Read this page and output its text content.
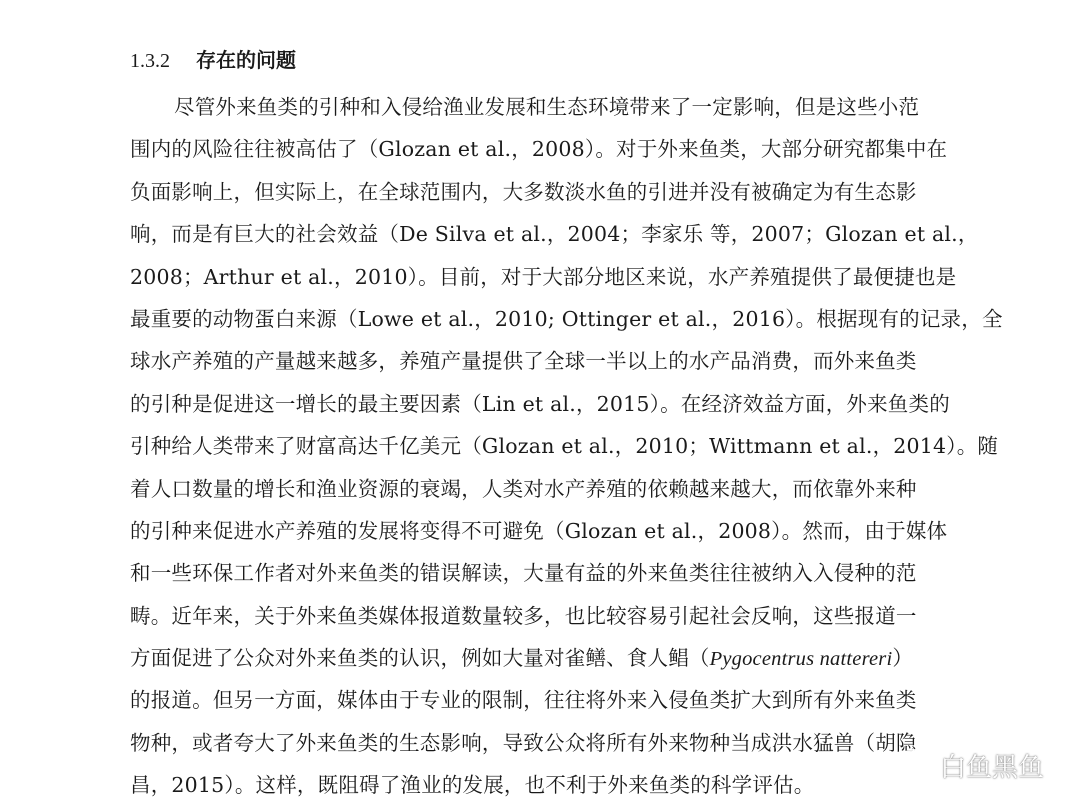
1.3.2 存在的问题
尽管外来鱼类的引种和入侵给渔业发展和生态环境带来了一定影响，但是这些小范
围内的风险往往被高估了（Glozan et al.，2008）。对于外来鱼类，大部分研究都集中在
负面影响上，但实际上，在全球范围内，大多数淡水鱼的引进并没有被确定为有生态影
响，而是有巨大的社会效益（De Silva et al.，2004；李家乐 等，2007；Glozan et al.，
2008；Arthur et al.，2010）。目前，对于大部分地区来说，水产养殖提供了最便捷也是
最重要的动物蛋白来源（Lowe et al.，2010; Ottinger et al.，2016）。根据现有的记录，全
球水产养殖的产量越来越多，养殖产量提供了全球一半以上的水产品消费，而外来鱼类
的引种是促进这一增长的最主要因素（Lin et al.，2015）。在经济效益方面，外来鱼类的
引种给人类带来了财富高达千亿美元（Glozan et al.，2010；Wittmann et al.，2014）。随
着人口数量的增长和渔业资源的衰竭，人类对水产养殖的依赖越来越大，而依靠外来种
的引种来促进水产养殖的发展将变得不可避免（Glozan et al.，2008）。然而，由于媒体
和一些环保工作者对外来鱼类的错误解读，大量有益的外来鱼类往往被纳入入侵种的范
畴。近年来，关于外来鱼类媒体报道数量较多，也比较容易引起社会反响，这些报道一
方面促进了公众对外来鱼类的认识，例如大量对雀鳝、食人鲳（Pygocentrus nattereri）
的报道。但另一方面，媒体由于专业的限制，往往将外来入侵鱼类扩大到所有外来鱼类
物种，或者夸大了外来鱼类的生态影响，导致公众将所有外来物种当成洪水猛兽（胡隐
昌，2015）。这样，既阻碍了渔业的发展，也不利于外来鱼类的科学评估。
白鱼黑鱼
